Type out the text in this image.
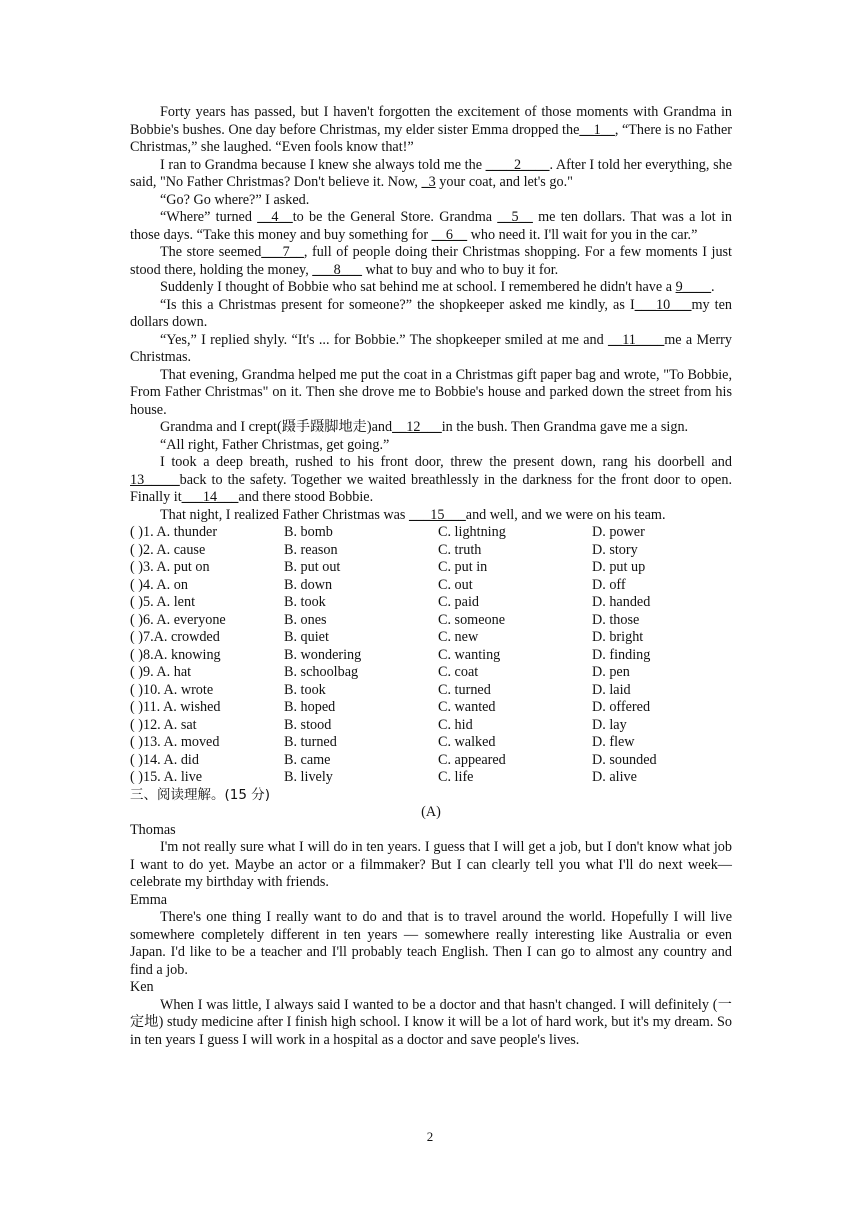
Forty years has passed, but I haven't forgotten the excitement of those moments with Grandma in Bobbie's bushes. One day before Christmas, my elder sister Emma dropped the__1__, “There is no Father Christmas,” she laughed. “Even fools know that!”

I ran to Grandma because I knew she always told me the ____2____. After I told her everything, she said, "No Father Christmas? Don't believe it. Now, _3 your coat, and let's go."

“Go? Go where?” I asked.

“Where” turned __4__to be the General Store. Grandma __5__ me ten dollars. That was a lot in those days. “Take this money and buy something for __6__ who need it. I'll wait for you in the car.”

The store seemed___7__, full of people doing their Christmas shopping. For a few moments I just stood there, holding the money, ___8___ what to buy and who to buy it for.

Suddenly I thought of Bobbie who sat behind me at school. I remembered he didn't have a 9____.

“Is this a Christmas present for someone?” the shopkeeper asked me kindly, as I___10___my ten dollars down.

“Yes,” I replied shyly. “It's ... for Bobbie.” The shopkeeper smiled at me and __11____me a Merry Christmas.

That evening, Grandma helped me put the coat in a Christmas gift paper bag and wrote, "To Bobbie, From Father Christmas" on it. Then she drove me to Bobbie's house and parked down the street from his house.

Grandma and I crept(蹑手蹑脚地走)and__12___in the bush. Then Grandma gave me a sign.

“All right, Father Christmas, get going.”

I took a deep breath, rushed to his front door, threw the present down, rang his doorbell and 13_____back to the safety. Together we waited breathlessly in the darkness for the front door to open. Finally it___14___and there stood Bobbie.

That night, I realized Father Christmas was ___15___and well, and we were on his team.

( )1. A. thunder	B. bomb	C. lightning	D. power
( )2. A. cause	B. reason	C. truth	D. story
( )3. A. put on	B. put out	C. put in	D. put up
( )4. A. on	B. down	C. out	D. off
( )5. A. lent	B. took	C. paid	D. handed
( )6. A. everyone	B. ones	C. someone	D. those
( )7.A. crowded	B. quiet	C. new	D. bright
( )8.A. knowing	B. wondering	C. wanting	D. finding
( )9. A. hat	B. schoolbag	C. coat	D. pen
( )10. A. wrote	B. took	C. turned	D. laid
( )11. A. wished	B. hoped	C. wanted	D. offered
( )12. A. sat	B. stood	C. hid	D. lay
( )13. A. moved	B. turned	C. walked	D. flew
( )14. A. did	B. came	C. appeared	D. sounded
( )15. A. live	B. lively	C. life	D. alive

三、阅读理解。(15 分)

(A)

Thomas

I'm not really sure what I will do in ten years. I guess that I will get a job, but I don't know what job I want to do yet. Maybe an actor or a filmmaker? But I can clearly tell you what I'll do next week—celebrate my birthday with friends.

Emma

There's one thing I really want to do and that is to travel around the world. Hopefully I will live somewhere completely different in ten years — somewhere really interesting like Australia or even Japan. I'd like to be a teacher and I'll probably teach English. Then I can go to almost any country and find a job.

Ken

When I was little, I always said I wanted to be a doctor and that hasn't changed. I will definitely (一定地) study medicine after I finish high school. I know it will be a lot of hard work, but it's my dream. So in ten years I guess I will work in a hospital as a doctor and save people's lives.

2
